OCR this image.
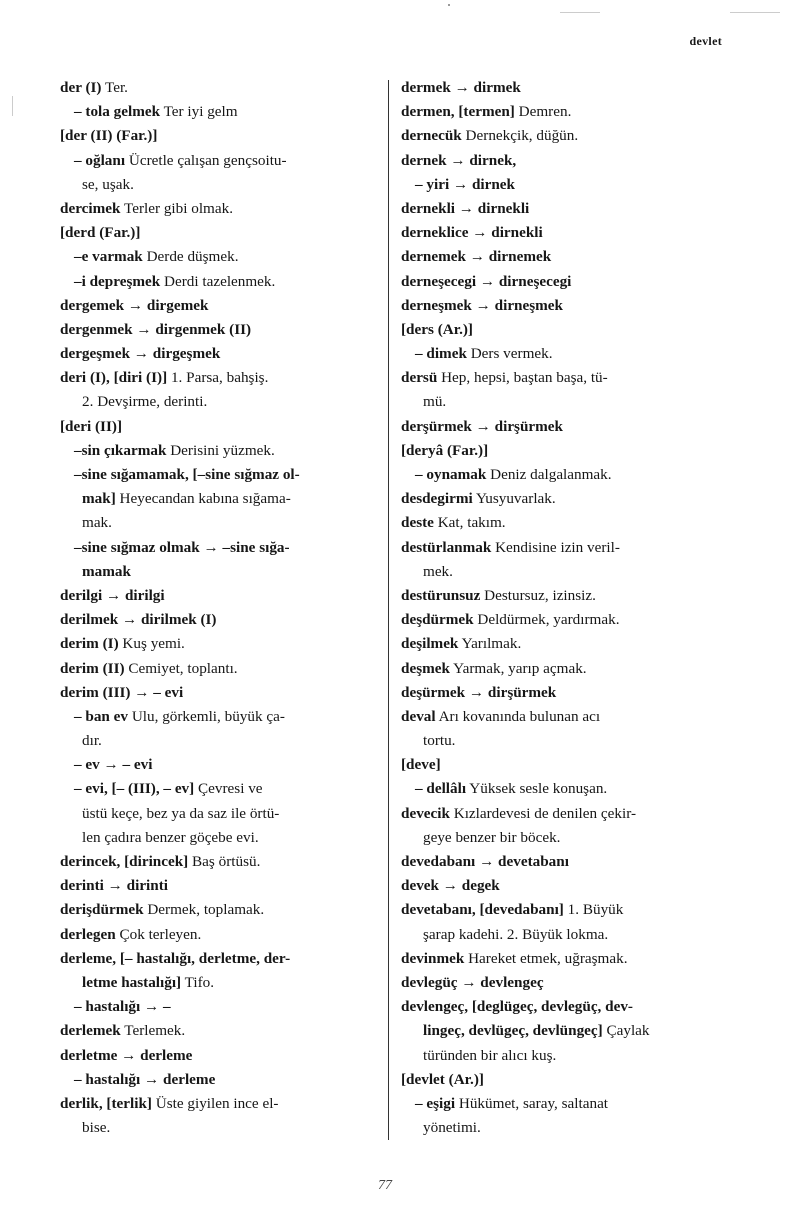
devlet
der (I) Ter.
– tola gelmek Ter iyi gelm
[der (II) (Far.)]
– oğlanı Ücretle çalışan gençsoitu-
se, uşak.
dercimek Terler gibi olmak.
[derd (Far.)]
–e varmak Derde düşmek.
–i depreşmek Derdi tazelenmek.
dergemek → dirgemek
dergenmek → dirgenmek (II)
dergeşmek → dirgeşmek
deri (I), [diri (I)] 1. Parsa, bahşiş.
2. Devşirme, derinti.
[deri (II)]
–sin çıkarmak Derisini yüzmek.
–sine sığamamak, [–sine sığmaz ol-
mak] Heyecandan kabına sığama-
mak.
–sine sığmaz olmak → –sine sığa-
mamak
derilgi → dirilgi
derilmek → dirilmek (I)
derim (I) Kuş yemi.
derim (II) Cemiyet, toplantı.
derim (III) → – evi
– ban ev Ulu, görkemli, büyük ça-
dır.
– ev → – evi
– evi, [– (III), – ev] Çevresi ve
üstü keçe, bez ya da saz ile örtü-
len çadıra benzer göçebe evi.
derincek, [dirincek] Baş örtüsü.
derinti → dirinti
derişdürmek Dermek, toplamak.
derlegen Çok terleyen.
derleme, [– hastalığı, derletme, der-
letme hastalığı] Tifo.
– hastalığı → –
derlemek Terlemek.
derletme → derleme
– hastalığı → derleme
derlik, [terlik] Üste giyilen ince el-
bise.
dermek → dirmek
dermen, [termen] Demren.
dernecük Dernekçik, düğün.
dernek → dirnek,
– yiri → dirnek
dernekli → dirnekli
derneklice → dirnekli
dernemek → dirnemek
derneşecegi → dirneşecegi
derneşmek → dirneşmek
[ders (Ar.)]
– dimek Ders vermek.
dersü Hep, hepsi, baştan başa, tü-
mü.
derşürmek → dirşürmek
[deryâ (Far.)]
– oynamak Deniz dalgalanmak.
desdegirmi Yusyuvarlak.
deste Kat, takım.
destürlanmak Kendisine izin veril-
mek.
destürunsuz Destursuz, izinsiz.
deşdürmek Deldürmek, yardırmak.
deşilmek Yarılmak.
deşmek Yarmak, yarıp açmak.
deşürmek → dirşürmek
deval Arı kovanında bulunan acı
tortu.
[deve]
– dellâlı Yüksek sesle konuşan.
devecik Kızlardevesi de denilen çekir-
geye benzer bir böcek.
devedabanı → devetabanı
devek → degek
devetabanı, [devedabanı] 1. Büyük
şarap kadehi. 2. Büyük lokma.
devinmek Hareket etmek, uğraşmak.
devlegüç → devlengeç
devlengeç, [deglügeç, devlegüç, dev-
lingeç, devlügeç, devlüngeç] Çaylak
türünden bir alıcı kuş.
[devlet (Ar.)]
– eşigi Hükümet, saray, saltanat
yönetimi.
77
